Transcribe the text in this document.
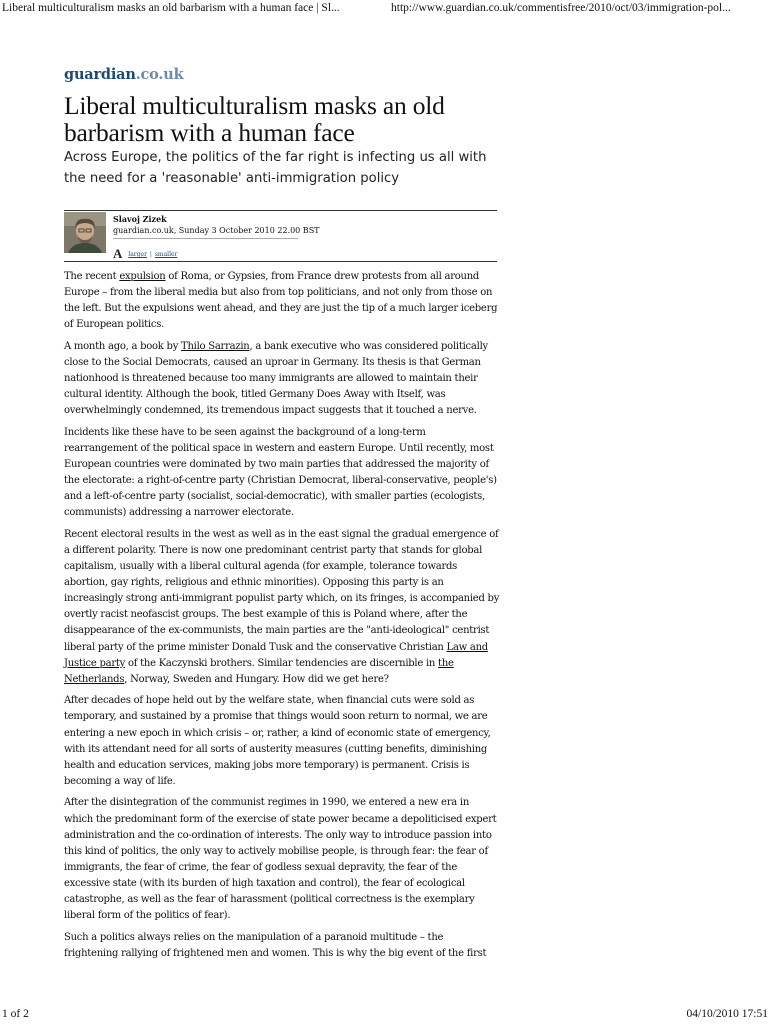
Liberal multiculturalism masks an old barbarism with a human face | Sl...	http://www.guardian.co.uk/commentisfree/2010/oct/03/immigration-pol...
guardian.co.uk
Liberal multiculturalism masks an old barbarism with a human face

Across Europe, the politics of the far right is infecting us all with the need for a 'reasonable' anti-immigration policy

Slavoj Zizek
guardian.co.uk, Sunday 3 October 2010 22.00 BST
A larger | smaller

The recent expulsion of Roma, or Gypsies, from France drew protests from all around Europe – from the liberal media but also from top politicians, and not only from those on the left. But the expulsions went ahead, and they are just the tip of a much larger iceberg of European politics.

A month ago, a book by Thilo Sarrazin, a bank executive who was considered politically close to the Social Democrats, caused an uproar in Germany. Its thesis is that German nationhood is threatened because too many immigrants are allowed to maintain their cultural identity. Although the book, titled Germany Does Away with Itself, was overwhelmingly condemned, its tremendous impact suggests that it touched a nerve.

Incidents like these have to be seen against the background of a long-term rearrangement of the political space in western and eastern Europe. Until recently, most European countries were dominated by two main parties that addressed the majority of the electorate: a right-of-centre party (Christian Democrat, liberal-conservative, people's) and a left-of-centre party (socialist, social-democratic), with smaller parties (ecologists, communists) addressing a narrower electorate.

Recent electoral results in the west as well as in the east signal the gradual emergence of a different polarity. There is now one predominant centrist party that stands for global capitalism, usually with a liberal cultural agenda (for example, tolerance towards abortion, gay rights, religious and ethnic minorities). Opposing this party is an increasingly strong anti-immigrant populist party which, on its fringes, is accompanied by overtly racist neofascist groups. The best example of this is Poland where, after the disappearance of the ex-communists, the main parties are the "anti-ideological" centrist liberal party of the prime minister Donald Tusk and the conservative Christian Law and Justice party of the Kaczynski brothers. Similar tendencies are discernible in the Netherlands, Norway, Sweden and Hungary. How did we get here?

After decades of hope held out by the welfare state, when financial cuts were sold as temporary, and sustained by a promise that things would soon return to normal, we are entering a new epoch in which crisis – or, rather, a kind of economic state of emergency, with its attendant need for all sorts of austerity measures (cutting benefits, diminishing health and education services, making jobs more temporary) is permanent. Crisis is becoming a way of life.

After the disintegration of the communist regimes in 1990, we entered a new era in which the predominant form of the exercise of state power became a depoliticised expert administration and the co-ordination of interests. The only way to introduce passion into this kind of politics, the only way to actively mobilise people, is through fear: the fear of immigrants, the fear of crime, the fear of godless sexual depravity, the fear of the excessive state (with its burden of high taxation and control), the fear of ecological catastrophe, as well as the fear of harassment (political correctness is the exemplary liberal form of the politics of fear).

Such a politics always relies on the manipulation of a paranoid multitude – the frightening rallying of frightened men and women. This is why the big event of the first

1 of 2	04/10/2010 17:51
